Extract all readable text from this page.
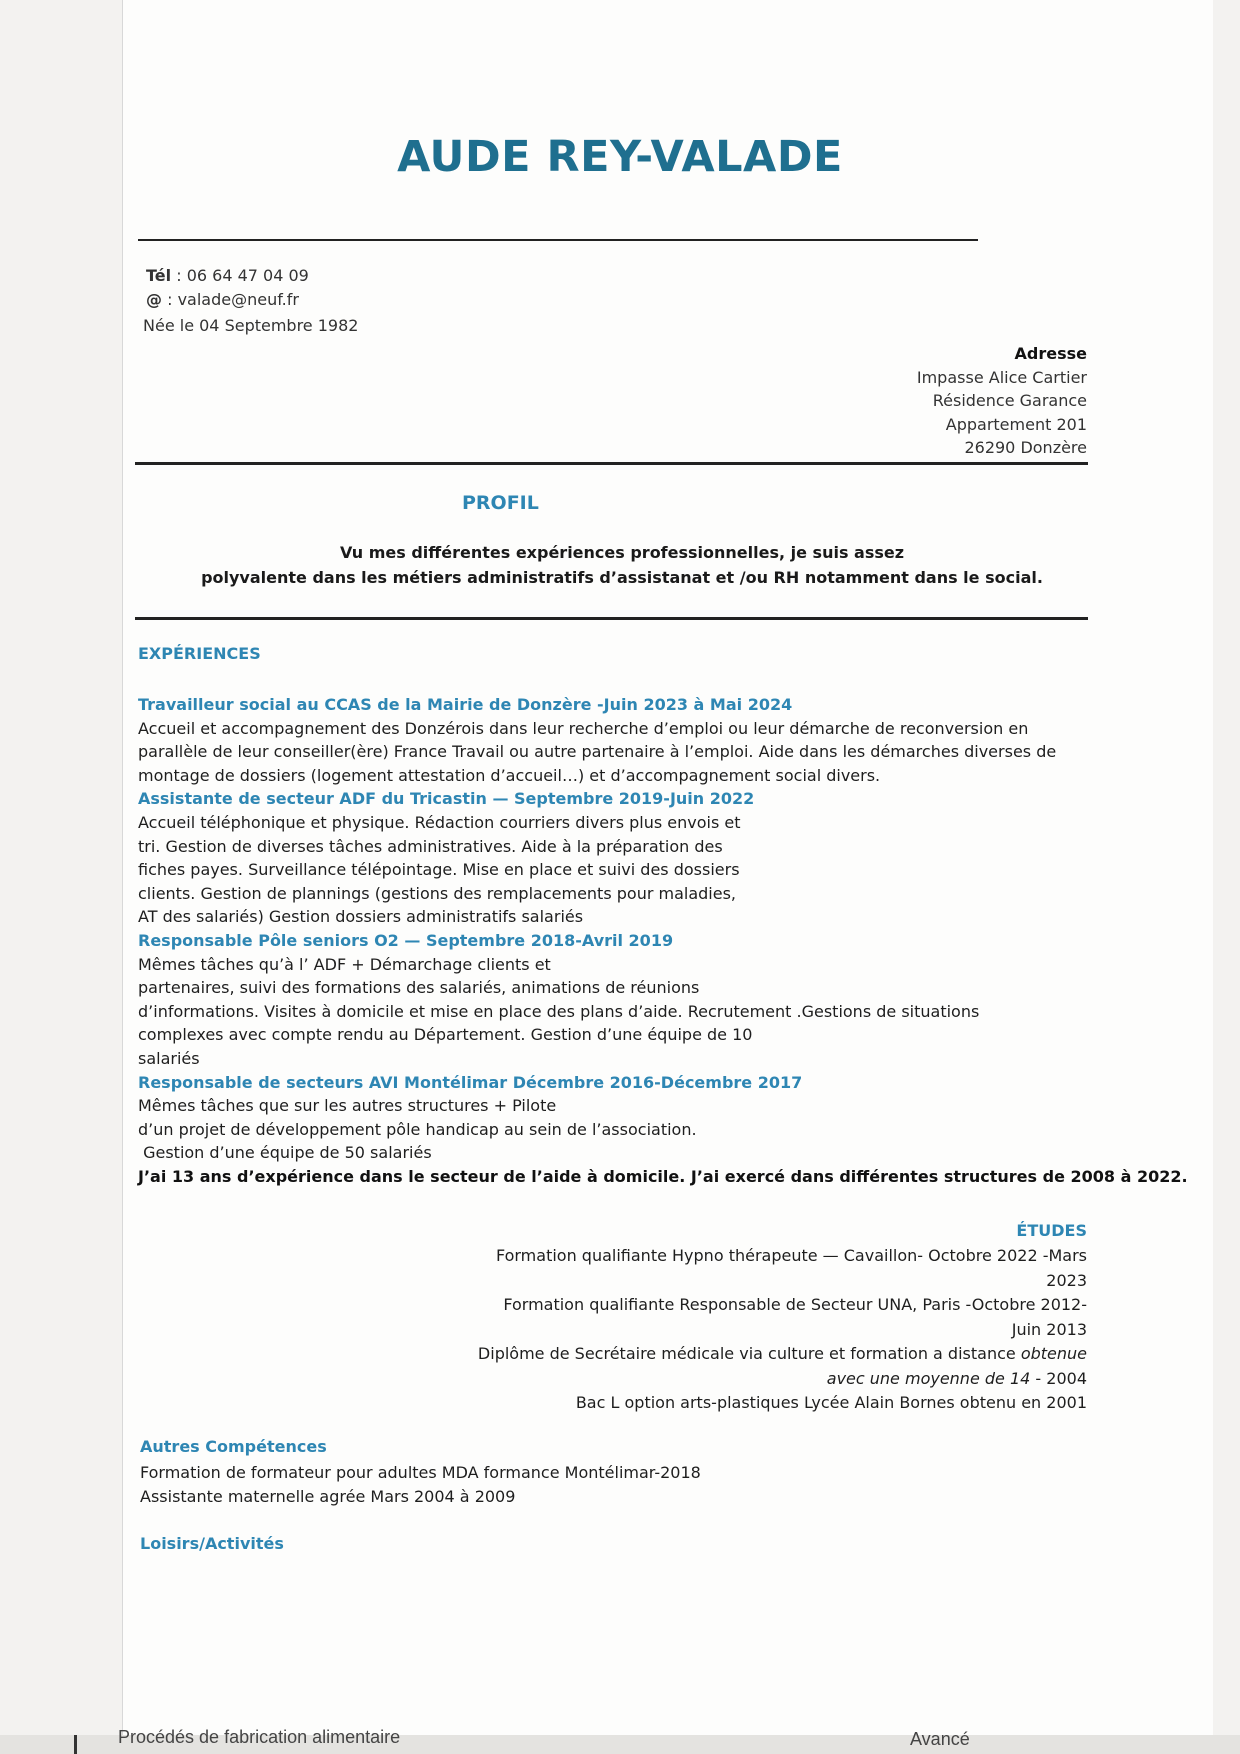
AUDE REY-VALADE
Tél : 06 64 47 04 09
@ : valade@neuf.fr
Née le 04 Septembre 1982
Adresse
Impasse Alice Cartier
Résidence Garance
Appartement 201
26290 Donzère
PROFIL
Vu mes différentes expériences professionnelles, je suis assez
polyvalente dans les métiers administratifs d’assistanat et /ou RH notamment dans le social.
EXPÉRIENCES
Travailleur social au CCAS de la Mairie de Donzère -Juin 2023 à Mai 2024
Accueil et accompagnement des Donzérois dans leur recherche d’emploi ou leur démarche de reconversion en
parallèle de leur conseiller(ère) France Travail ou autre partenaire à l’emploi. Aide dans les démarches diverses de
montage de dossiers (logement attestation d’accueil…) et d’accompagnement social divers.
Assistante de secteur ADF du Tricastin — Septembre 2019-Juin 2022
Accueil téléphonique et physique. Rédaction courriers divers plus envois et
tri. Gestion de diverses tâches administratives. Aide à la préparation des
fiches payes. Surveillance télépointage. Mise en place et suivi des dossiers
clients. Gestion de plannings (gestions des remplacements pour maladies,
AT des salariés) Gestion dossiers administratifs salariés
Responsable Pôle seniors O2 — Septembre 2018-Avril 2019
Mêmes tâches qu’à l’ ADF + Démarchage clients et
partenaires, suivi des formations des salariés, animations de réunions
d’informations. Visites à domicile et mise en place des plans d’aide. Recrutement .Gestions de situations
complexes avec compte rendu au Département. Gestion d’une équipe de 10
salariés
Responsable de secteurs AVI Montélimar Décembre 2016-Décembre 2017
Mêmes tâches que sur les autres structures + Pilote
d’un projet de développement pôle handicap au sein de l’association.
Gestion d’une équipe de 50 salariés
J’ai 13 ans d’expérience dans le secteur de l’aide à domicile. J’ai exercé dans différentes structures de 2008 à 2022.
ÉTUDES
Formation qualifiante Hypno thérapeute — Cavaillon- Octobre 2022 -Mars
2023
Formation qualifiante Responsable de Secteur UNA, Paris -Octobre 2012-
Juin 2013
Diplôme de Secrétaire médicale via culture et formation a distance obtenue
avec une moyenne de 14 - 2004
Bac L option arts-plastiques Lycée Alain Bornes obtenu en 2001
Autres Compétences
Formation de formateur pour adultes MDA formance Montélimar-2018
Assistante maternelle agrée Mars 2004 à 2009
Loisirs/Activités
Procédés de fabrication alimentaire	Avancé
